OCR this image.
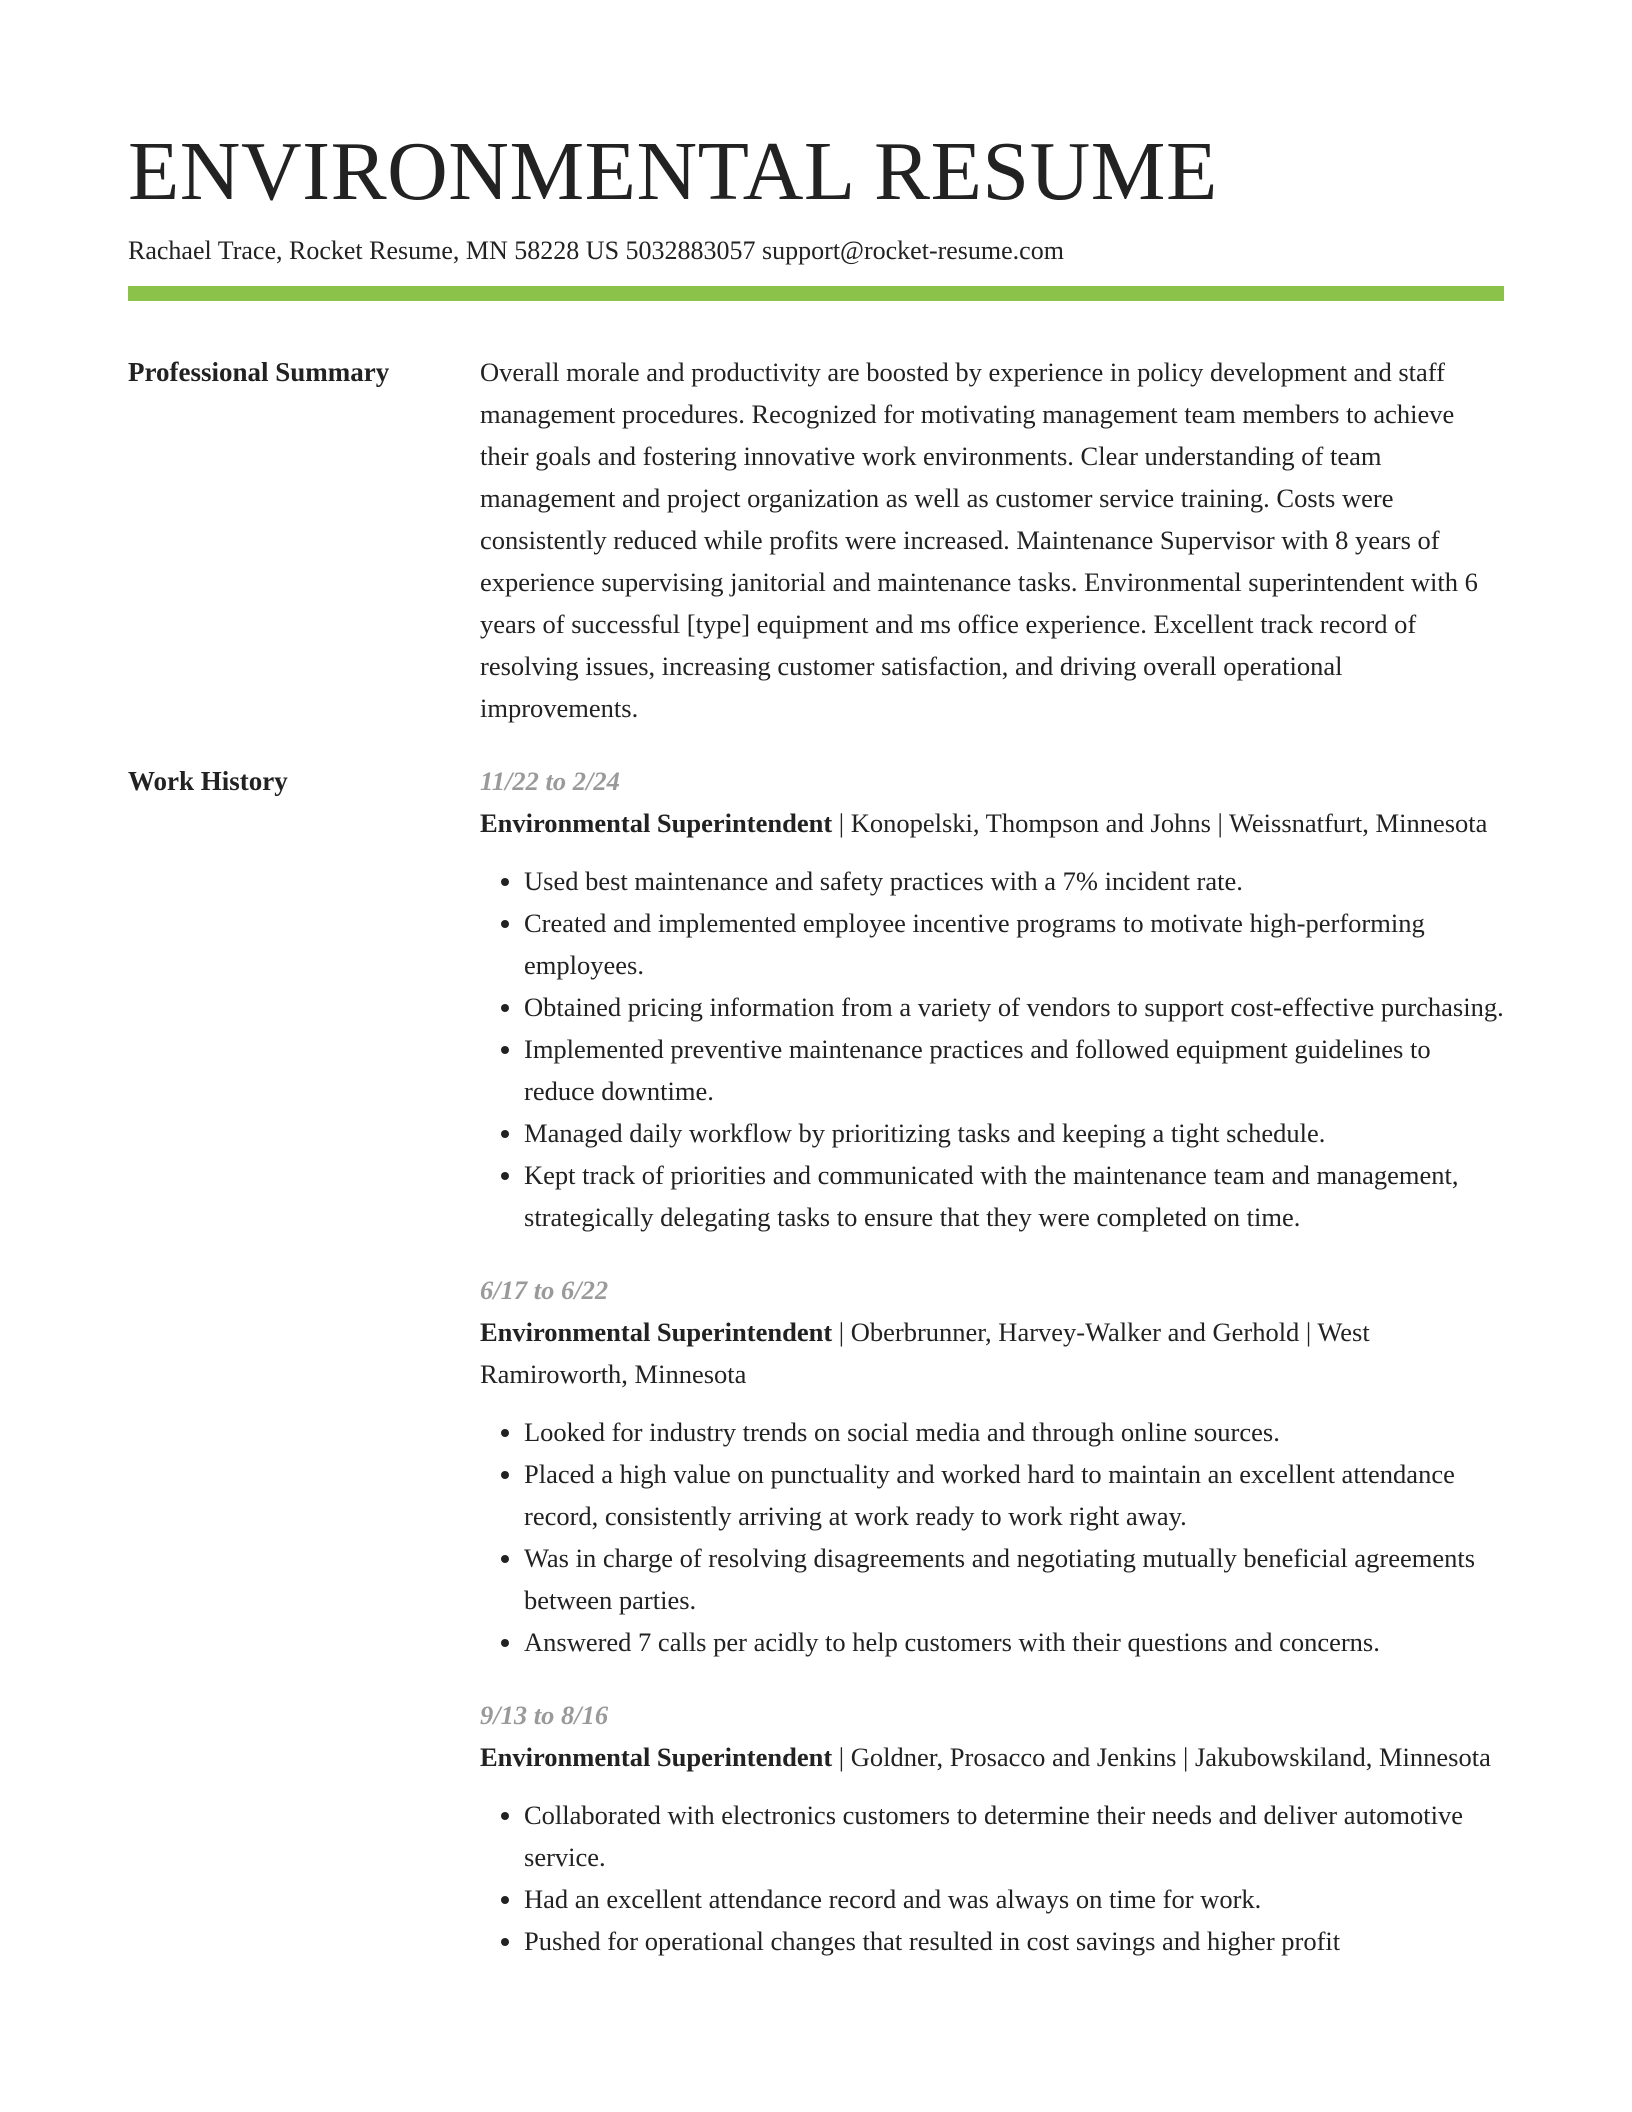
ENVIRONMENTAL RESUME
Rachael Trace, Rocket Resume, MN 58228 US 5032883057 support@rocket-resume.com
Professional Summary	Overall morale and productivity are boosted by experience in policy development and staff management procedures. Recognized for motivating management team members to achieve their goals and fostering innovative work environments. Clear understanding of team management and project organization as well as customer service training. Costs were consistently reduced while profits were increased. Maintenance Supervisor with 8 years of experience supervising janitorial and maintenance tasks. Environmental superintendent with 6 years of successful [type] equipment and ms office experience. Excellent track record of resolving issues, increasing customer satisfaction, and driving overall operational improvements.

Work History	11/22 to 2/24
Environmental Superintendent | Konopelski, Thompson and Johns | Weissnatfurt, Minnesota
• Used best maintenance and safety practices with a 7% incident rate.
• Created and implemented employee incentive programs to motivate high-performing employees.
• Obtained pricing information from a variety of vendors to support cost-effective purchasing.
• Implemented preventive maintenance practices and followed equipment guidelines to reduce downtime.
• Managed daily workflow by prioritizing tasks and keeping a tight schedule.
• Kept track of priorities and communicated with the maintenance team and management, strategically delegating tasks to ensure that they were completed on time.
6/17 to 6/22
Environmental Superintendent | Oberbrunner, Harvey-Walker and Gerhold | West Ramiroworth, Minnesota
• Looked for industry trends on social media and through online sources.
• Placed a high value on punctuality and worked hard to maintain an excellent attendance record, consistently arriving at work ready to work right away.
• Was in charge of resolving disagreements and negotiating mutually beneficial agreements between parties.
• Answered 7 calls per acidly to help customers with their questions and concerns.
9/13 to 8/16
Environmental Superintendent | Goldner, Prosacco and Jenkins | Jakubowskiland, Minnesota
• Collaborated with electronics customers to determine their needs and deliver automotive service.
• Had an excellent attendance record and was always on time for work.
• Pushed for operational changes that resulted in cost savings and higher profit
